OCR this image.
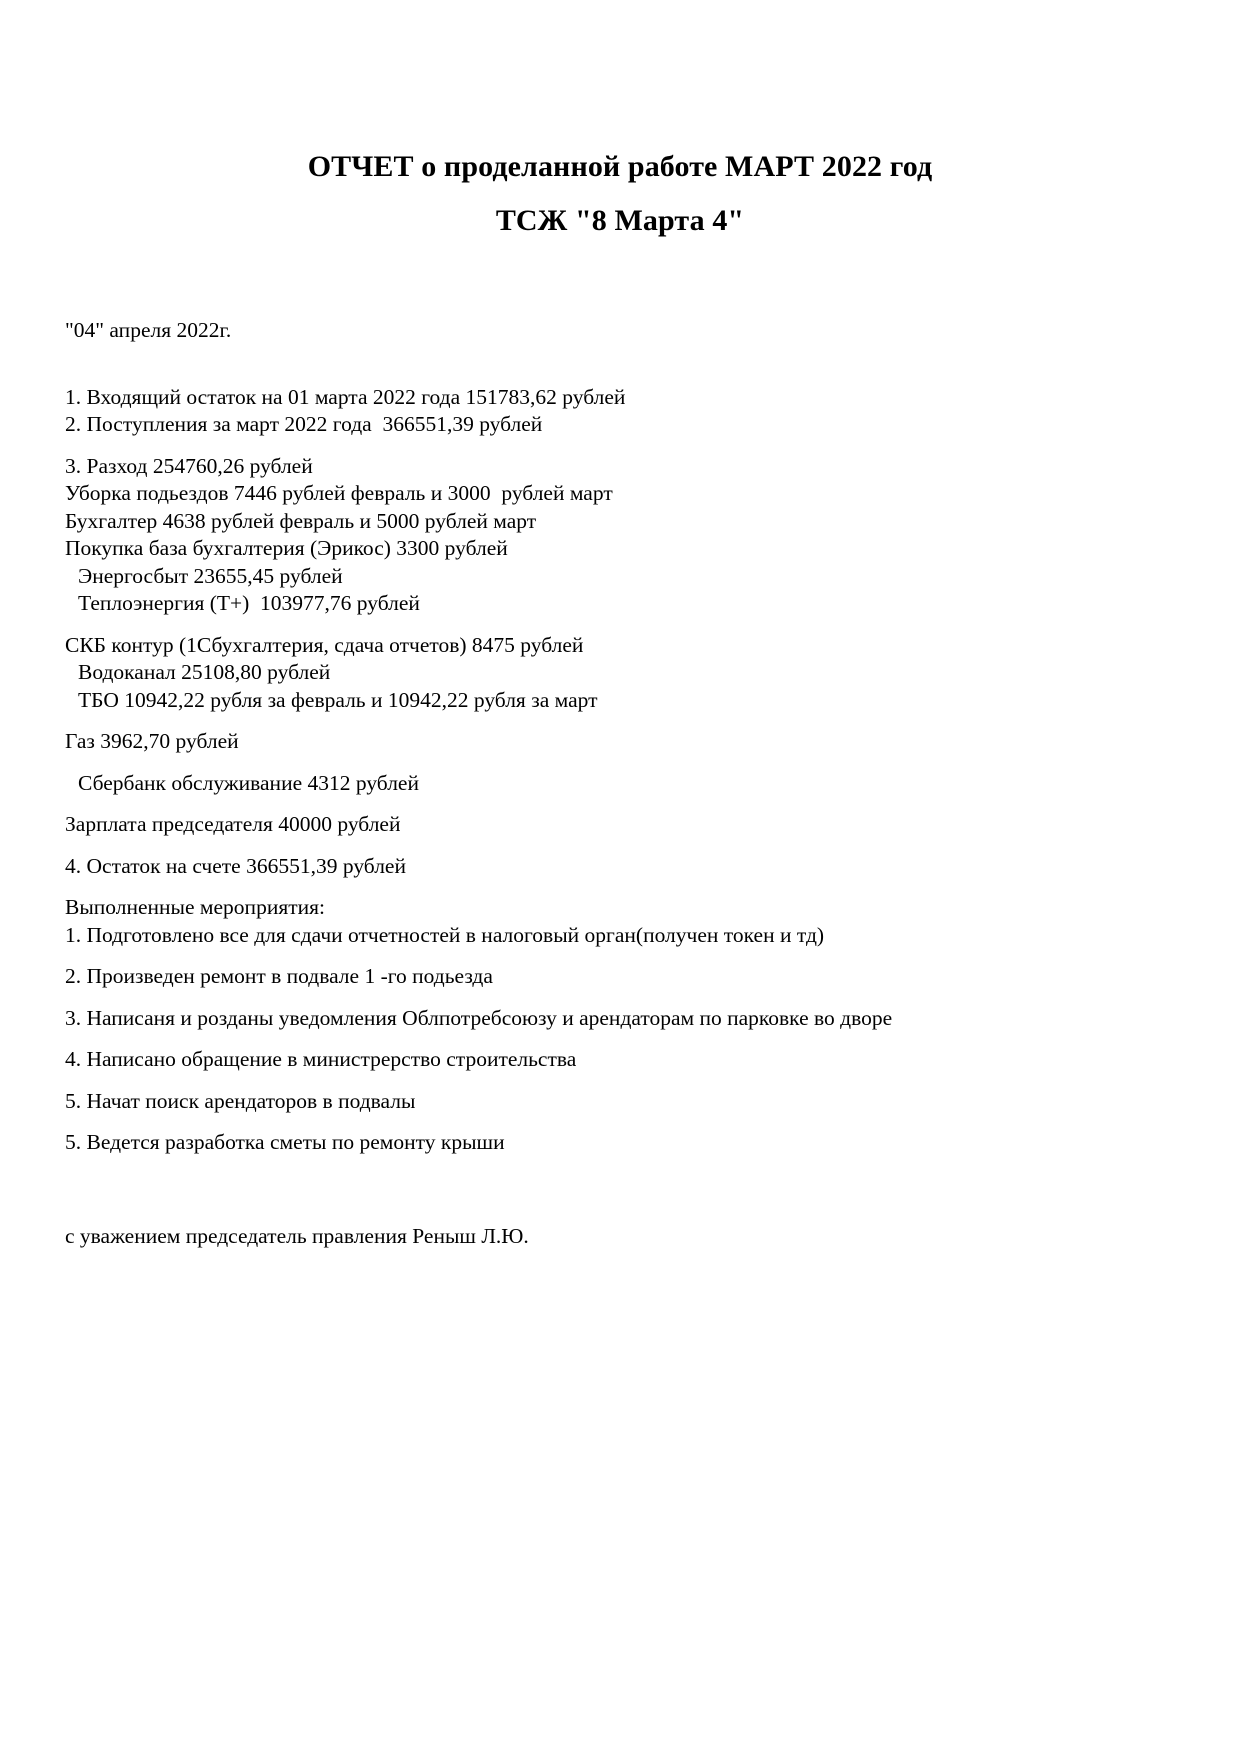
ОТЧЕТ о проделанной работе МАРТ 2022 год
ТСЖ "8 Марта 4"
"04" апреля 2022г.
1. Входящий остаток на 01 марта 2022 года 151783,62 рублей
2. Поступления за март 2022 года  366551,39 рублей
3. Разход 254760,26 рублей
Уборка подьездов 7446 рублей февраль и 3000  рублей март
Бухгалтер 4638 рублей февраль и 5000 рублей март
Покупка база бухгалтерия (Эрикос) 3300 рублей
Энергосбыт 23655,45 рублей
Теплоэнергия (Т+)  103977,76 рублей
СКБ контур (1Сбухгалтерия, сдача отчетов) 8475 рублей
Водоканал 25108,80 рублей
ТБО 10942,22 рубля за февраль и 10942,22 рубля за март
Газ 3962,70 рублей
Сбербанк обслуживание 4312 рублей
Зарплата председателя 40000 рублей
4. Остаток на счете 366551,39 рублей
Выполненные мероприятия:
1. Подготовлено все для сдачи отчетностей в налоговый орган(получен токен и тд)
2. Произведен ремонт в подвале 1 -го подьезда
3. Написаня и розданы уведомления Облпотребсоюзу и арендаторам по парковке во дворе
4. Написано обращение в министрерство строительства
5. Начат поиск арендаторов в подвалы
5. Ведется разработка сметы по ремонту крыши
с уважением председатель правления Реныш Л.Ю.
